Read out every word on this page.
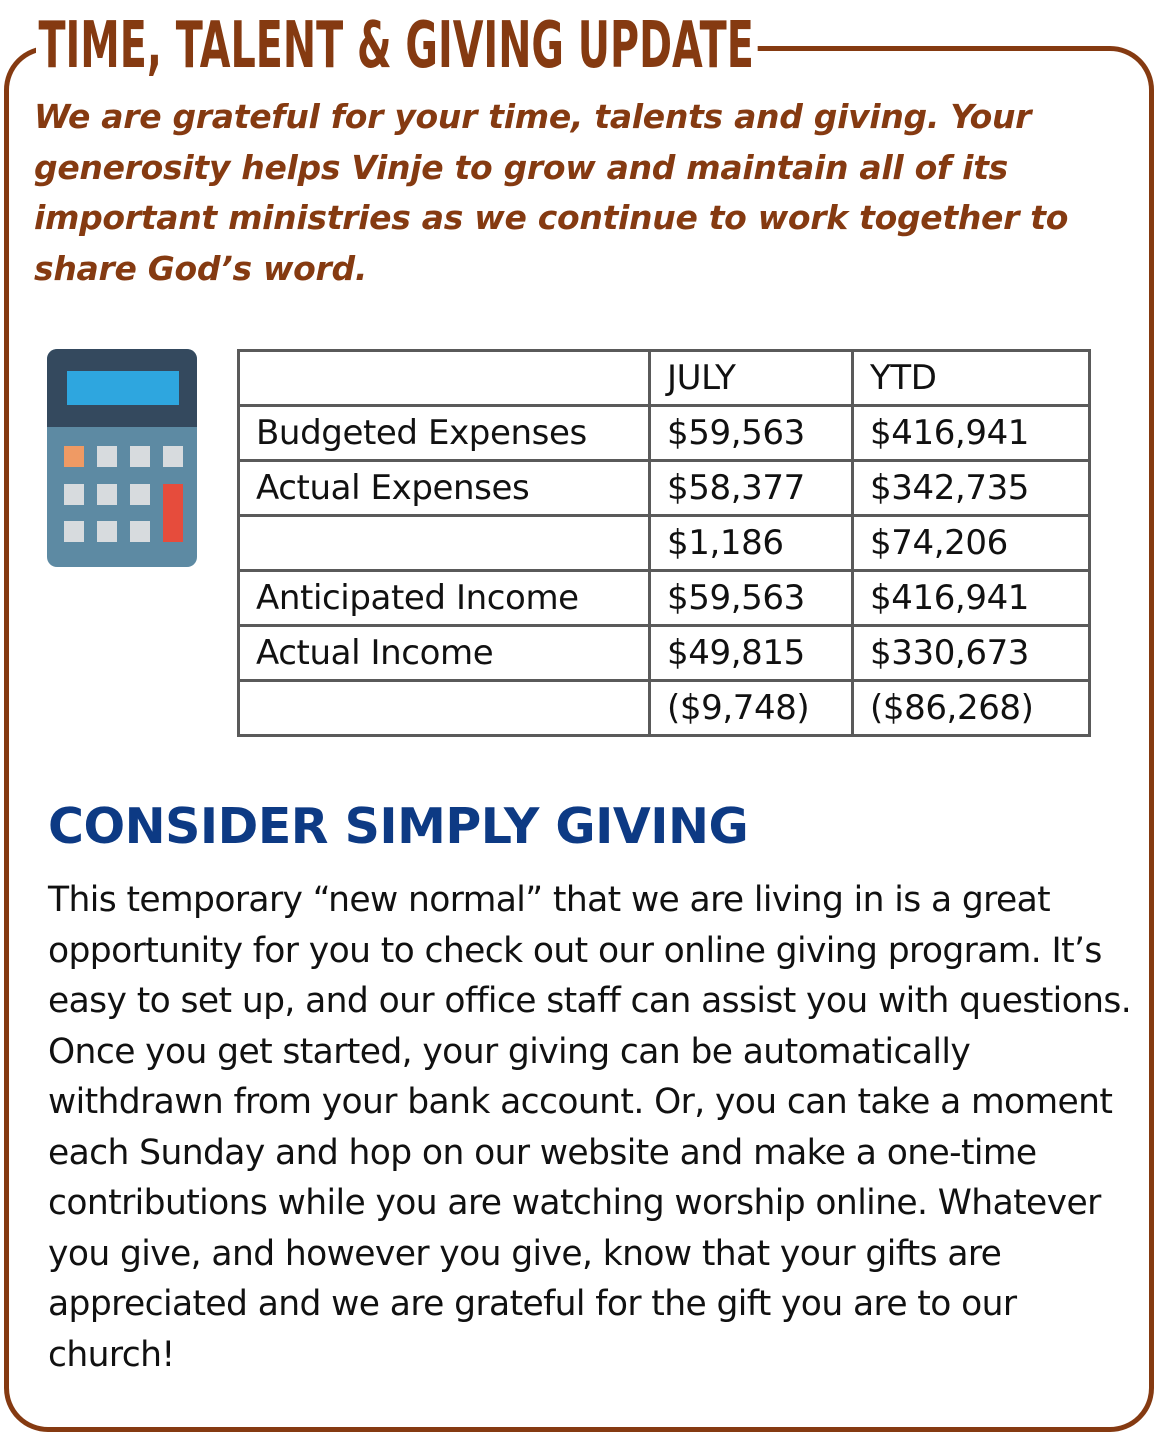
TIME, TALENT & GIVING UPDATE

We are grateful for your time, talents and giving. Your generosity helps Vinje to grow and maintain all of its important ministries as we continue to work together to share God’s word.

	JULY	YTD
Budgeted Expenses	$59,563	$416,941
Actual Expenses	$58,377	$342,735
	$1,186	$74,206
Anticipated Income	$59,563	$416,941
Actual Income	$49,815	$330,673
	($9,748)	($86,268)
CONSIDER SIMPLY GIVING

This temporary “new normal” that we are living in is a great opportunity for you to check out our online giving program. It’s easy to set up, and our office staff can assist you with questions. Once you get started, your giving can be automatically withdrawn from your bank account. Or, you can take a moment each Sunday and hop on our website and make a one-time contributions while you are watching worship online. Whatever you give, and however you give, know that your gifts are appreciated and we are grateful for the gift you are to our church!
